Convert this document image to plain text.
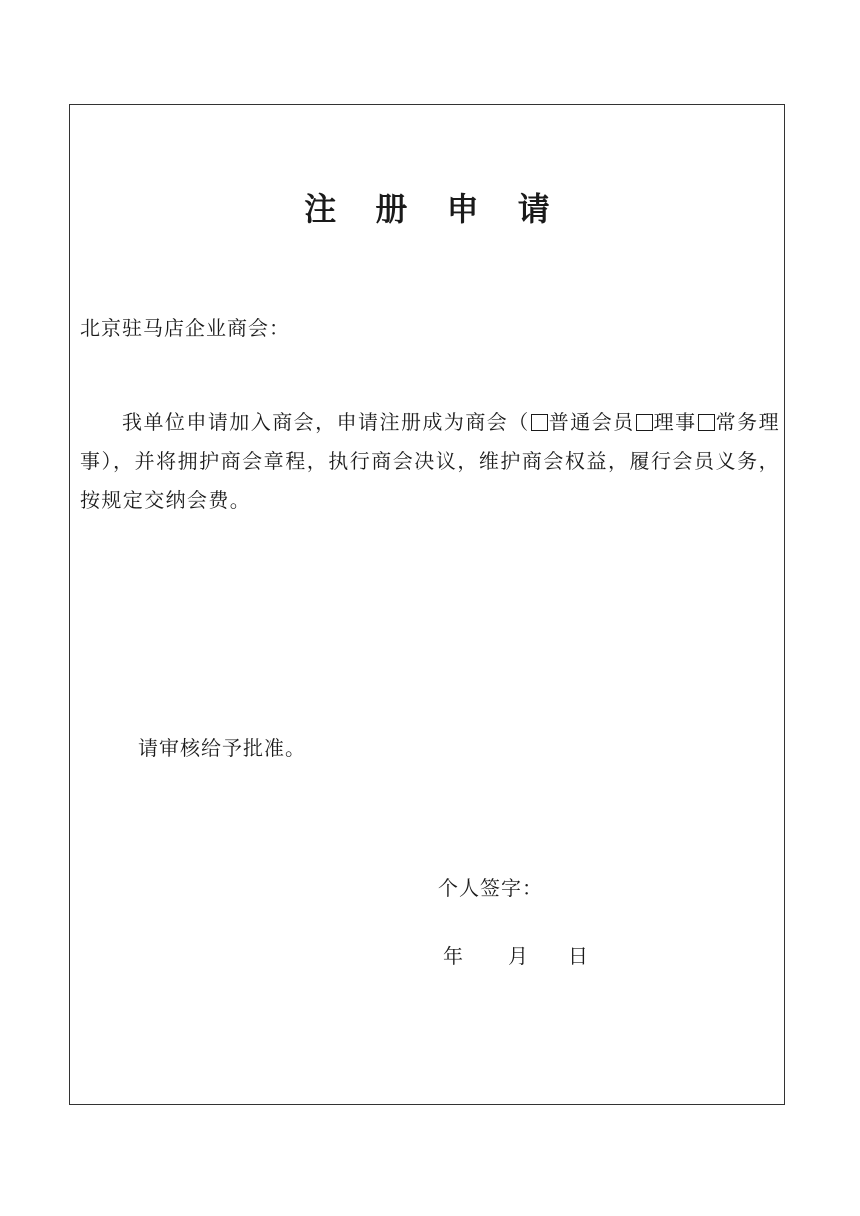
注 册 申 请
北京驻马店企业商会：
我单位申请加入商会，申请注册成为商会（ 普通会员 理事 常务理事），并将拥护商会章程，执行商会决议，维护商会权益，履行会员义务，按规定交纳会费。
请审核给予批准。
个人签字：
年 月 日
